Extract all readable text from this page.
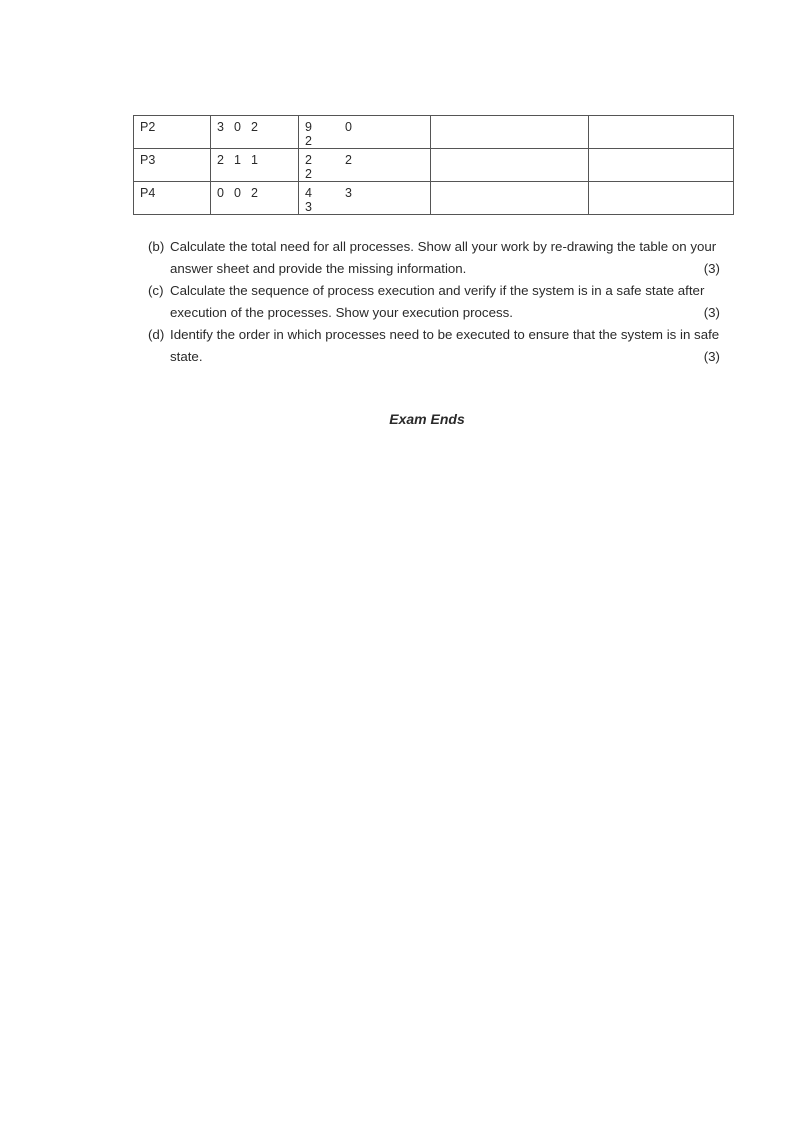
P2	3 0 2	9 02		
P3	2 1 1	2 22		
P4	0 0 2	4 33		
(b) Calculate the total need for all processes. Show all your work by re-drawing the table on your
answer sheet and provide the missing information.	(3)
(c) Calculate the sequence of process execution and verify if the system is in a safe state after
execution of the processes. Show your execution process.	(3)
(d) Identify the order in which processes need to be executed to ensure that the system is in safe
state.	(3)
Exam Ends
